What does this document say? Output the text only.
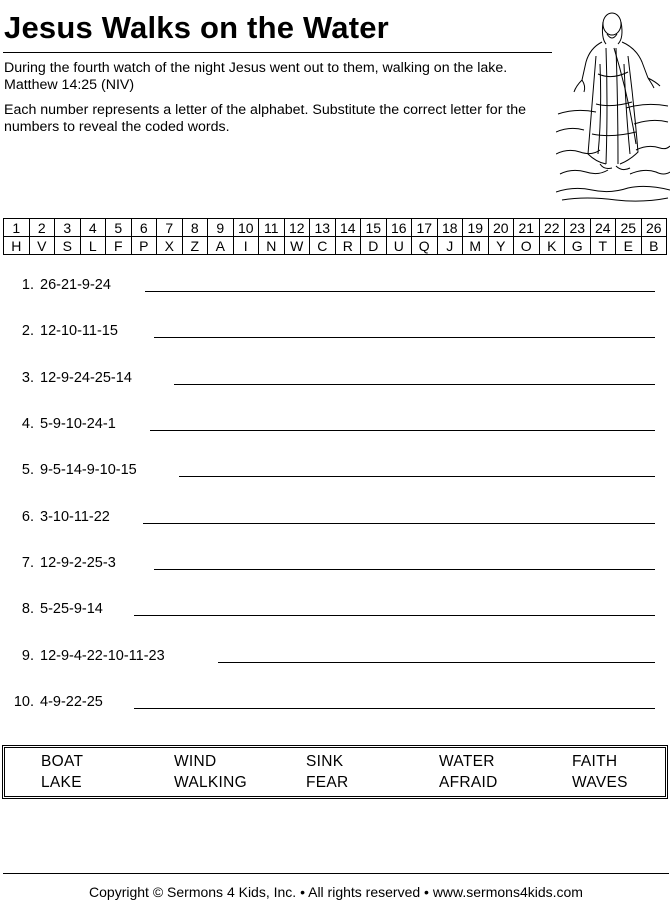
Jesus Walks on the Water
During the fourth watch of the night Jesus went out to them, walking on the lake. Matthew 14:25 (NIV)
Each number represents a letter of the alphabet. Substitute the correct letter for the numbers to reveal the coded words.
1	2	3	4	5	6	7	8	9	10	11	12	13	14	15	16	17	18	19	20	21	22	23	24	25	26
H	V	S	L	F	P	X	Z	A	I	N	W	C	R	D	U	Q	J	M	Y	O	K	G	T	E	B
1. 26-21-9-24
2. 12-10-11-15
3. 12-9-24-25-14
4. 5-9-10-24-1
5. 9-5-14-9-10-15
6. 3-10-11-22
7. 12-9-2-25-3
8. 5-25-9-14
9. 12-9-4-22-10-11-23
10. 4-9-22-25
BOAT	WIND	SINK	WATER	FAITH
LAKE	WALKING	FEAR	AFRAID	WAVES
Copyright © Sermons 4 Kids, Inc. • All rights reserved • www.sermons4kids.com
